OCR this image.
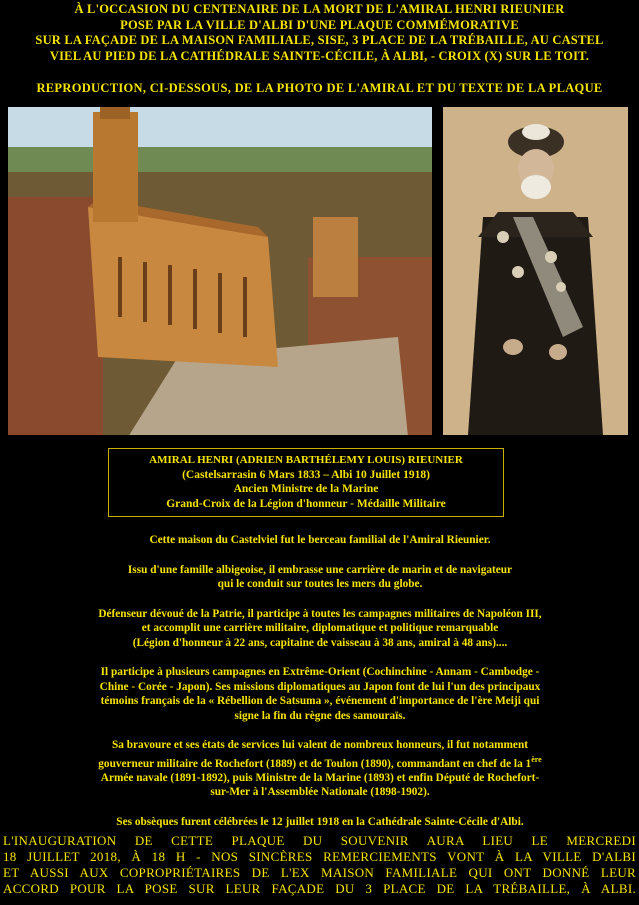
À L'OCCASION DU CENTENAIRE DE LA MORT DE L'AMIRAL HENRI RIEUNIER
POSE PAR LA VILLE D'ALBI D'UNE PLAQUE COMMÉMORATIVE
SUR LA FAÇADE DE LA MAISON FAMILIALE, SISE, 3 PLACE DE LA TRÉBAILLE, AU CASTEL
VIEL AU PIED DE LA CATHÉDRALE SAINTE-CÉCILE, À ALBI, - CROIX (X) SUR LE TOIT.
REPRODUCTION, CI-DESSOUS, DE LA PHOTO DE L'AMIRAL ET DU TEXTE DE LA PLAQUE
AMIRAL HENRI (ADRIEN BARTHÉLEMY LOUIS) RIEUNIER
(Castelsarrasin 6 Mars 1833 – Albi 10 Juillet 1918)
Ancien Ministre de la Marine
Grand-Croix de la Légion d'honneur - Médaille Militaire

Cette maison du Castelviel fut le berceau familial de l'Amiral Rieunier.

Issu d'une famille albigeoise, il embrasse une carrière de marin et de navigateur
qui le conduit sur toutes les mers du globe.

Défenseur dévoué de la Patrie, il participe à toutes les campagnes militaires de Napoléon III,
et accomplit une carrière militaire, diplomatique et politique remarquable
(Légion d'honneur à 22 ans, capitaine de vaisseau à 38 ans, amiral à 48 ans)....

Il participe à plusieurs campagnes en Extrême-Orient (Cochinchine - Annam - Cambodge -
Chine - Corée - Japon). Ses missions diplomatiques au Japon font de lui l'un des principaux
témoins français de la « Rébellion de Satsuma », événement d'importance de l'ère Meiji qui
signe la fin du règne des samouraïs.

Sa bravoure et ses états de services lui valent de nombreux honneurs, il fut notamment
gouverneur militaire de Rochefort (1889) et de Toulon (1890), commandant en chef de la 1ère
Armée navale (1891-1892), puis Ministre de la Marine (1893) et enfin Député de Rochefort-
sur-Mer à l'Assemblée Nationale (1898-1902).

Ses obsèques furent célébrées le 12 juillet 1918 en la Cathédrale Sainte-Cécile d'Albi.

L'INAUGURATION DE CETTE PLAQUE DU SOUVENIR AURA LIEU LE MERCREDI
18 JUILLET 2018, À 18 H - NOS SINCÈRES REMERCIEMENTS VONT À LA VILLE D'ALBI
ET AUSSI AUX COPROPRIÉTAIRES DE L'EX MAISON FAMILIALE QUI ONT DONNÉ LEUR
ACCORD POUR LA POSE SUR LEUR FAÇADE DU 3 PLACE DE LA TRÉBAILLE, À ALBI.
